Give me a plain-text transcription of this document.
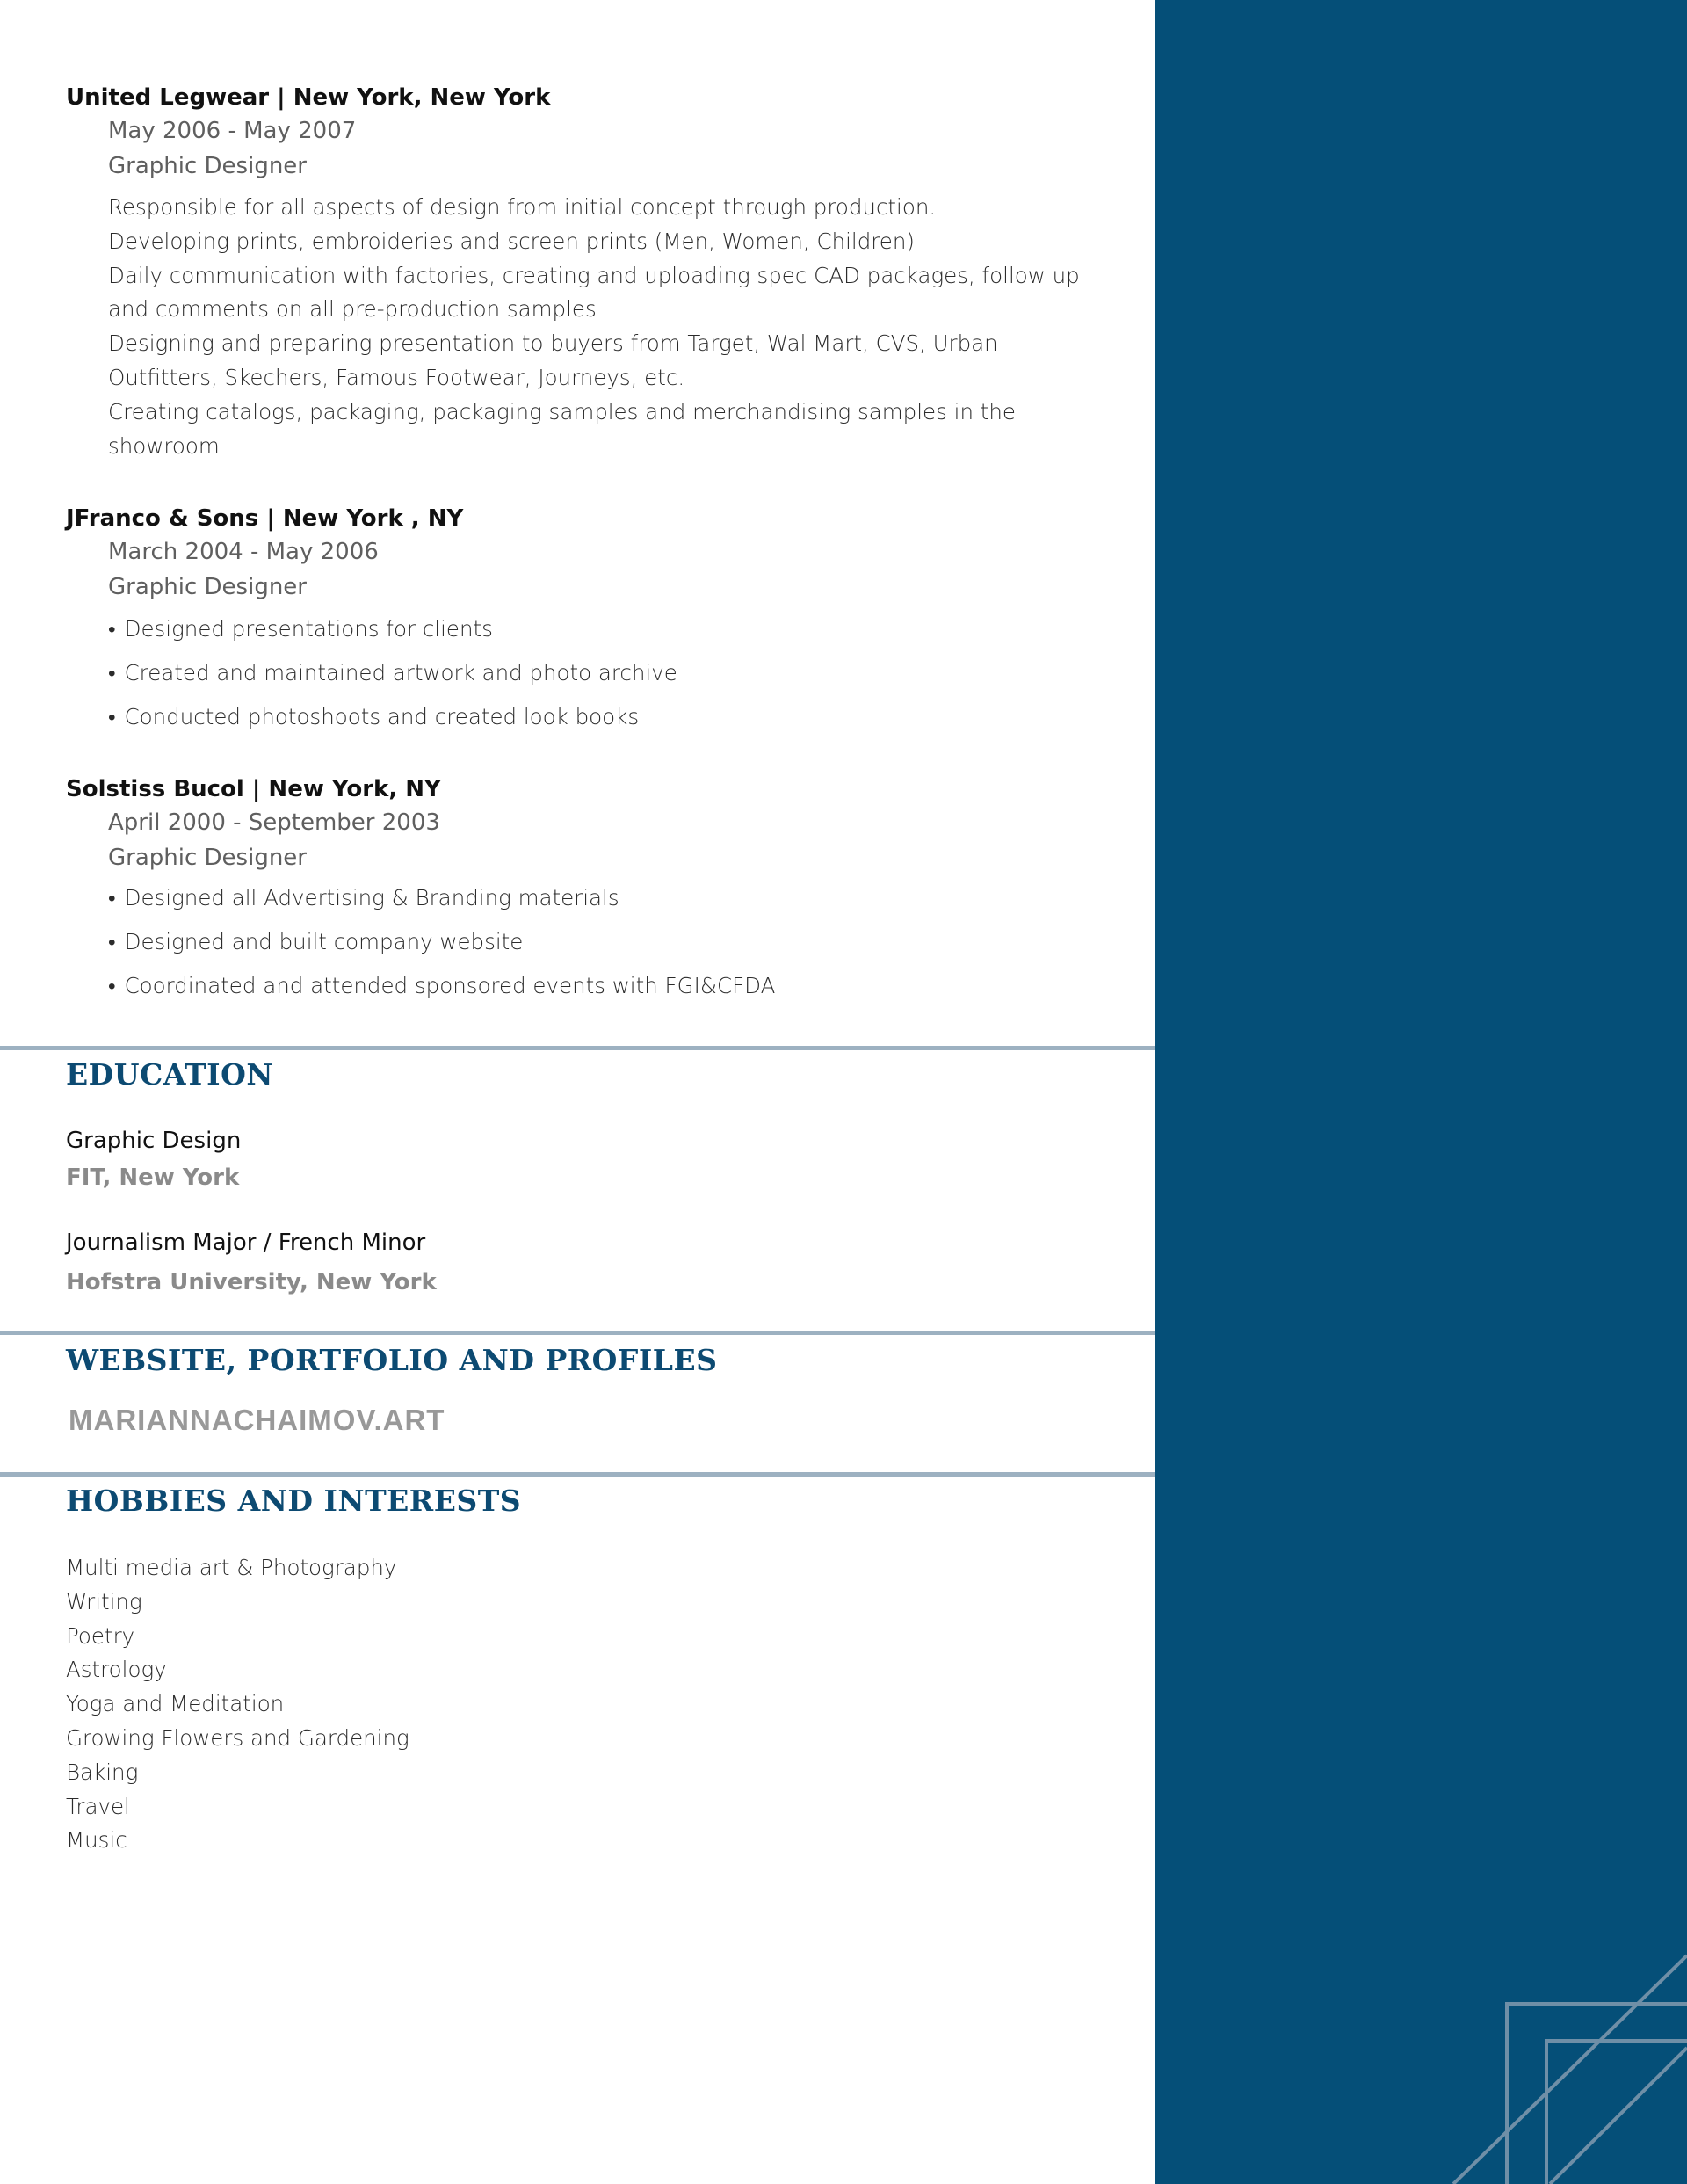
United Legwear | New York, New York
May 2006 - May 2007
Graphic Designer
Responsible for all aspects of design from initial concept through production.
Developing prints, embroideries and screen prints (Men, Women, Children)
Daily communication with factories, creating and uploading spec CAD packages, follow up
and comments on all pre-production samples
Designing and preparing presentation to buyers from Target, Wal Mart, CVS, Urban
Outfitters, Skechers, Famous Footwear, Journeys, etc.
Creating catalogs, packaging, packaging samples and merchandising samples in the
showroom
JFranco & Sons | New York , NY
March 2004 - May 2006
Graphic Designer
• Designed presentations for clients
• Created and maintained artwork and photo archive
• Conducted photoshoots and created look books
Solstiss Bucol | New York, NY
April 2000 - September 2003
Graphic Designer
• Designed all Advertising & Branding materials
• Designed and built company website
• Coordinated and attended sponsored events with FGI&CFDA
EDUCATION
Graphic Design
FIT, New York
Journalism Major / French Minor
Hofstra University, New York
WEBSITE, PORTFOLIO AND PROFILES
MARIANNACHAIMOV.ART
HOBBIES AND INTERESTS
Multi media art & Photography
Writing
Poetry
Astrology
Yoga and Meditation
Growing Flowers and Gardening
Baking
Travel
Music
